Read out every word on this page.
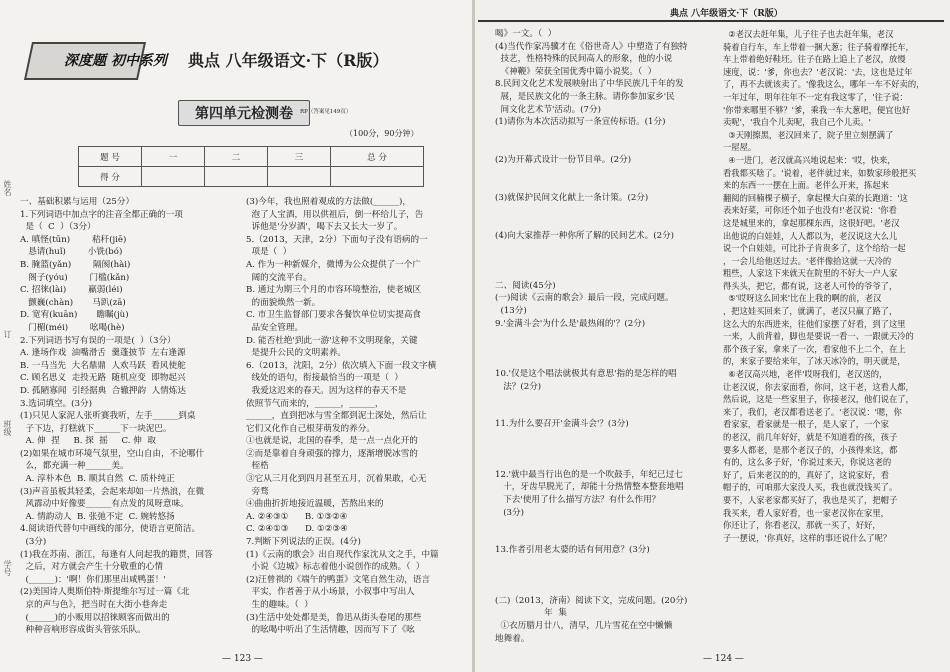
深度题 初中系列 典点 八年级语文·下（R版）
第四单元检测卷	RP（答案见149页）
（100分，90分钟）
题 号	一	二	三	总 分
得 分				
姓名
订
班级
学号
一、基础积累与运用（25分）
1.下列词语中加点字的注音全都正确的一项
是（  C  ）（3分）
A. 嗔怪(tūn)        秸秆(jiē)
恳请(huǐ)        小铣(bó)
B. 腌篮(yǎn)        隔阂(hài)
阁子(yóu)        门槛(kǎn)
C. 招徕(lài)        羸弱(léi)
颤巍(chàn)       马趴(zā)
D. 宽宥(kuān)       瞻瞩(jù)
门楣(méi)        吆喝(hè)
2.下列词语书写有误的一项是(  ）（3分）
A. 逢场作戏  油嘴滑舌  羹蓬披节  左右逢源
B. 一马当先  大名鼎鼎  人欢马跃  看风使舵
C. 顾名思义  走投无路  随机应变  即物起兴
D. 孤陋寡闻  引经据典  合辙押韵  人情炼达
3.选词填空。(3分)
(1)只见人家泥人张听赛我听，左手______到桌
子下边，打糕就下______下一块泥巴。
A. 伸  捏     B. 探  摇     C. 伸  取
(2)如果在城市环境气氛里，空山自由，不论哪什
么，都充满一种______美。
A. 淳朴本色  B. 顺其自然  C. 质朴纯正
(3)声音虽板其轻柔，会起来却如一片热浪，在微
风霹动中好像要______有点发的凤呀意味。
A. 情韵动人  B. 张弛不定  C. 婉转悠扬
4.阅读语代替句中画线的部分，使语言更简洁。
(3分)
(1)我在苏南、浙江，每逢有人问起我的籍贯，回答
之后，对方就会产生十分敬重的心情
(______)：'啊！你们那里出咸鸭蛋！'
(2)美国诗人奥斯伯特·斯提维尔写过一篇《北
京的声与色》，把当时在大街小巷奔走
(______)的小贩用以招徕顾客而做出的
种种音响形容成街头管弦乐队。
(3)今年，我也照着观成的方法做(______)，
泡了人宝酒，用以供祖后，倒一杯给儿子，告
诉他是'分岁酒'，喝下去又长大一岁了。
5.（2013，天津，2分）下面句子没有语病的一
项是（  ）
A. 作为一种新媒介，微博为公众提供了一个广
阔的交流平台。
B. 通过为期三个月的市容环境整治，使老城区
的面貌焕然一新。
C. 市卫生监督部门要求各餐饮单位切实提高食
品安全管理。
D. 能否杜绝'到此一游'这种不文明现象，关键
是提升公民的文明素养。
6.（2013，沈阳，2分）依次填入下面一段文字横
线处的语句，衔接最恰当的一项是（  ）
我爱这迟来的春天。因为这样的春天不是
依照节气而来的，______，______，
______，直到把冰与雪全都到泥土深处，然后让
它们又化作自己根芽萌发的养分。
①也就是说，北国的春季，是一点一点化开的
②而是靠着自身顽强的撑力，逐渐增脱冰雪的
桎梏
③它从三月化到四月甚至五月，沉着果敢，心无
旁骛
④曲曲折折地接近温暖，苦熬出来的
A. ②④③①      B. ①③②④
C. ②④①③      D. ①②③④
7.判断下列说法的正误。(4分)
(1)《云南的歌会》出自现代作家沈从文之手，中篇
小说《边城》标志着他小说创作的成熟。（  ）
(2)汪曾祺的《端午的鸭蛋》文笔自然生动，语言
平实，作者善于从小场景，小叙事中写出人
生的趣味。（  ）
(3)生活中处处都是美，鲁迅从街头卷尾的那些
的吆喝中听出了生活情趣，因而写下了《吆
— 123 —
典点 八年级语文·下（R版）
喝》一文。（  ）
(4)当代作家冯骥才在《俗世奇人》中塑造了有独特
技艺，性格特殊的民间高人的形象，他的小说
《神鞭》荣获全国优秀中篇小说奖。（  ）
8.民间文化艺术发展映射出了中华民族几千年的发
展，是民族文化的一条主脉。请你参加家乡'民
间文化艺术节'活动。(7分)
(1)请你为本次活动拟写一条宣传标语。(1分)

(2)为开幕式设计一份节目单。(2分)

(3)就保护民间文化献上一条计策。(2分)

(4)向大家推荐一种你所了解的民间艺术。(2分)

二、阅读(45分)
(一)阅读《云南的歌会》最后一段，完成问题。
(13分)
9.'金满斗会'为什么是'最热闹的'？(2分)

10.'仅是这个唱法就极其有意思'指的是怎样的唱
法？(2分)

11.为什么要召开'金满斗会'？(3分)

12.'就中最当行出色的是一个吹鼓手，年纪已过七
十，牙齿早脱光了，却能十分热情整本整套地唱
下去'使用了什么描写方法？有什么作用？
(3分)

13.作者引用老太婆的话有何用意？(3分)

(二)（2013，济南）阅读下文，完成问题。(20分)
年  集
①衣历腊月廿八，清早，几片雪花在空中懒懒
地舞着。
②老汉去赶年集，儿子往子也去赶年集，老汉
骑着自行车，车上带着一捆大葱；往子骑着摩托车，
车上带着绝好鞋坯。往子在路上追上了老汉，放慢
速度，说：'爹，你也去？'老汉说：'去，这也是过年
了，再不去就该卖了。'像我这么，哪年一车不好卖的，
一年过年，明年往年不一定有我这零了，'往子说：
'你带来哪里不够？'爹，乘我一车大葱吧，便宜也好
卖呢'，'我自个儿卖呢，我自己个儿卖。'
③天刚擦黑，老汉回来了，院子里立刻摆满了
一屋屋。
④一进门，老汉就高兴地说起来：'哎，快来，
看我都买啥了。'说着，老伴就过来，如数家珍般把买
来的东西一一摆在上面。老伴么开来，拣起来
翻阅的回楠棵子横子，拿起棵大白菜的长跑道：'这
表来好菜，可你还个如子也没有!'老汉说：'你看
这是城里来的，拿起那棵东西，这很好吧。'老汉
出他说的白娃娃，人人都以为，老汉说这大么儿
说一个白娃娃，可比扑子肯贵多了，这个给给一起
，一会儿给他送过去。'老伴像拾这就一天冷的
粗些，人家这下来就天在院里的不好大一户人家
得头头，把它，都有说，这老人可怜的爷爷了，
⑤'哎呀这么回来'比在上我的啊的前，老汉
，把这娃买回来了，就满了，老汉只赢了路了，
这么大的东西进来，往他们家摆了好看，到了这里
一来，人前背着，脚也是要说一看一、一跟就天冷的
那个孩子家，拿来了一次，看家他不上二个，在上
的，来家子要给来年，了冰天冰冷的，明天就是，
⑥老汉高兴地，老伴'哎呀我们，老汉送的，
让老汉说，你去家面看，你问，这干老，这看人都，
然后说，这是一些家里子，你接老汉，他们说在了，
来了，我们，老汉都看送老了。'老汉说：'嗯，你
看家家，看家就是一根子，是人家了，一个家
的老汉，前几年好好，就是不知道看的孩，孩子
要多人都老，是那个老汉子的，小孩得来这，都
有的，这么多子好，'你说过来天，你说这老的
好了，后来老汉的的，真好了，这说家好，看
帽子的，可咱那大家没人买，我也就没钱买了。
要不，人家老家都买好了，我也是买了，把帽子
我买来，看人家好看，也一家老汉你在家里，
你还让了，你看老汉，那就一买了，好好，
子一摆说，'你真好，这样的事还说什么了呢？
— 124 —
